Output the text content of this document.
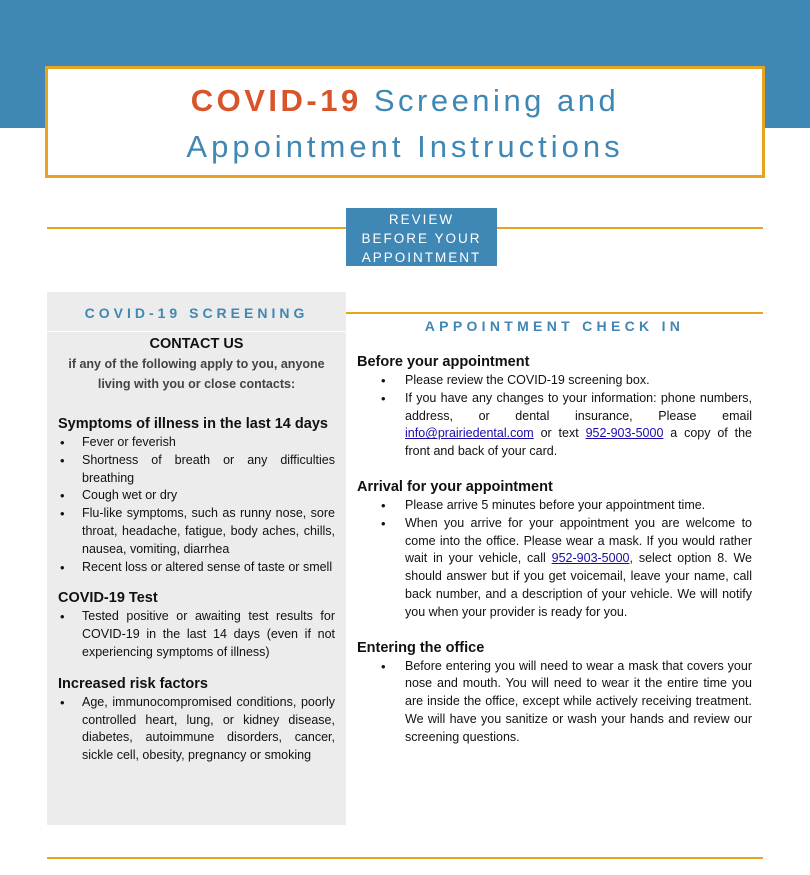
COVID-19 Screening and
Appointment Instructions
REVIEW
BEFORE YOUR
APPOINTMENT
COVID-19 SCREENING
CONTACT US
if any of the following apply to you, anyone
living with you or close contacts:
Symptoms of illness in the last 14 days
• Fever or feverish
• Shortness of breath or any difficulties breathing
• Cough wet or dry
• Flu-like symptoms, such as runny nose, sore throat, headache, fatigue, body aches, chills, nausea, vomiting, diarrhea
• Recent loss or altered sense of taste or smell
COVID-19 Test
• Tested positive or awaiting test results for COVID-19 in the last 14 days (even if not experiencing symptoms of illness)
Increased risk factors
• Age, immunocompromised conditions, poorly controlled heart, lung, or kidney disease, diabetes, autoimmune disorders, cancer, sickle cell, obesity, pregnancy or smoking
APPOINTMENT CHECK IN
Before your appointment
• Please review the COVID-19 screening box.
• If you have any changes to your information: phone numbers, address, or dental insurance, Please email info@prairiedental.com or text 952-903-5000 a copy of the front and back of your card.
Arrival for your appointment
• Please arrive 5 minutes before your appointment time.
• When you arrive for your appointment you are welcome to come into the office. Please wear a mask. If you would rather wait in your vehicle, call 952-903-5000, select option 8. We should answer but if you get voicemail, leave your name, call back number, and a description of your vehicle. We will notify you when your provider is ready for you.
Entering the office
• Before entering you will need to wear a mask that covers your nose and mouth. You will need to wear it the entire time you are inside the office, except while actively receiving treatment. We will have you sanitize or wash your hands and review our screening questions.
